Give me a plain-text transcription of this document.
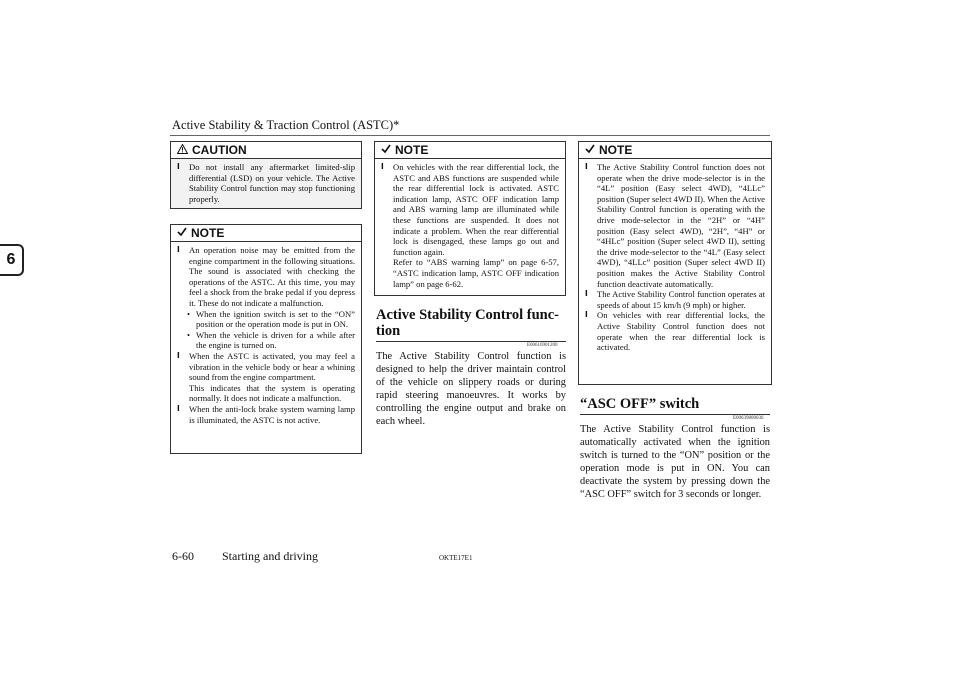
Active Stability & Traction Control (ASTC)*
6
CAUTION
l Do not install any aftermarket limited-slip differential (LSD) on your vehicle. The Active Stability Control function may stop functioning properly.
NOTE
l An operation noise may be emitted from the engine compartment in the following situations. The sound is associated with checking the operations of the ASTC. At this time, you may feel a shock from the brake pedal if you depress it. These do not indicate a malfunction.
• When the ignition switch is set to the “ON” position or the operation mode is put in ON.
• When the vehicle is driven for a while after the engine is turned on.
l When the ASTC is activated, you may feel a vibration in the vehicle body or hear a whining sound from the engine compartment.
This indicates that the system is operating normally. It does not indicate a malfunction.
l When the anti-lock brake system warning lamp is illuminated, the ASTC is not active.
NOTE
l On vehicles with the rear differential lock, the ASTC and ABS functions are suspended while the rear differential lock is activated. ASTC indication lamp, ASTC OFF indication lamp and ABS warning lamp are illuminated while these functions are suspended. It does not indicate a problem. When the rear differential lock is disengaged, these lamps go out and function again.
Refer to “ABS warning lamp” on page 6-57, “ASTC indication lamp, ASTC OFF indication lamp” on page 6-62.
Active Stability Control func-
tion
E00616901200
The Active Stability Control function is designed to help the driver maintain control of the vehicle on slippery roads or during rapid steering manoeuvres. It works by controlling the engine output and brake on each wheel.
NOTE
l The Active Stability Control function does not operate when the drive mode-selector is in the “4L” position (Easy select 4WD), “4LLc” position (Super select 4WD II). When the Active Stability Control function is operating with the drive mode-selector in the “2H” or “4H” position (Easy select 4WD), “2H”, “4H” or “4HLc” position (Super select 4WD II), setting the drive mode-selector to the “4L” (Easy select 4WD), “4LLc” position (Super select 4WD II) position makes the Active Stability Control function deactivate automatically.
l The Active Stability Control function operates at speeds of about 15 km/h (9 mph) or higher.
l On vehicles with rear differential locks, the Active Stability Control function does not operate when the rear differential lock is activated.
“ASC OFF” switch
E00639800036
The Active Stability Control function is automatically activated when the ignition switch is turned to the “ON” position or the operation mode is put in ON. You can deactivate the system by pressing down the “ASC OFF” switch for 3 seconds or longer.
6-60 Starting and driving	OKTE17E1
